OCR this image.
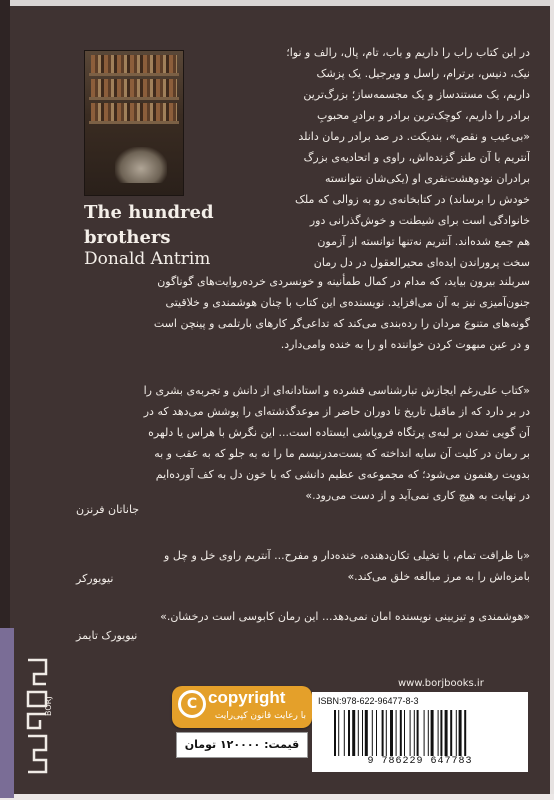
The hundred brothers
Donald Antrim
در این کتاب راب را داریم و باب، تام، پال، رالف و نوا؛
نیک، دنیس، برترام، راسل و ویرجیل. یک پزشک
داریم، یک مستندساز و یک مجسمه‌ساز؛ بزرگ‌ترین
برادر را داریم، کوچک‌ترین برادر و برادرِ محبوبِ
«بی‌عیب و نقص»، بندیکت. در صد برادر رمان دانلد
آنتریم با آن طنز گزنده‌اش، راوی و اتحادیه‌ی بزرگ
برادران نودوهشت‌نفری او (یکی‌شان نتوانسته
خودش را برساند) در کتابخانه‌ی رو به زوالی که ملک
خانوادگی است برای شیطنت و خوش‌گذرانی دور
هم جمع شده‌اند. آنتریم نه‌تنها توانسته از آزمون
سخت پروراندن ایده‌ای محیرالعقول در دل رمان
سربلند بیرون بیاید، که مدام در کمال طمأنینه و خونسردی خرده‌روایت‌های گوناگون
جنون‌آمیزی نیز به آن می‌افزاید. نویسنده‌ی این کتاب با چنان هوشمندی و خلاقیتی
گونه‌های متنوع مردان را رده‌بندی می‌کند که تداعی‌گر کارهای بارتلمی و پینچن است
و در عین مبهوت کردن خواننده او را به خنده وامی‌دارد.
«کتاب علی‌رغم ایجازش تبارشناسی فشرده و استادانه‌ای از دانش و تجربه‌ی بشری را
در بر دارد که از ماقبل تاریخ تا دوران حاضر از موعدگذشته‌ای را پوشش می‌دهد که در
آن گویی تمدن بر لبه‌ی پرتگاه فروپاشی ایستاده است... این نگرش با هراس یا دلهره
بر رمان در کلیت آن سایه انداخته که پست‌مدرنیسم ما را نه به جلو که به عقب و به
بدویت رهنمون می‌شود؛ که مجموعه‌ی عظیم دانشی که با خون دل به کف آورده‌ایم
در نهایت به هیچ کاری نمی‌آید و از دست می‌رود.»
جاناتان فرنزن
«با ظرافت تمام، با تخیلی تکان‌دهنده، خنده‌دار و مفرح... آنتریم راوی خل و چل و
بامزه‌اش را به مرز مبالغه خلق می‌کند.»
نیویورکر
«هوشمندی و تیزبینی نویسنده امان نمی‌دهد... این رمان کابوسی است درخشان.»
نیویورک تایمز
BORJ
www.borjbooks.ir
C copyright
با رعایت قانون کپی‌رایت
قیمت: ۱۲۰۰۰۰ تومان
ISBN:978-622-96477-8-3
9 786229 647783
